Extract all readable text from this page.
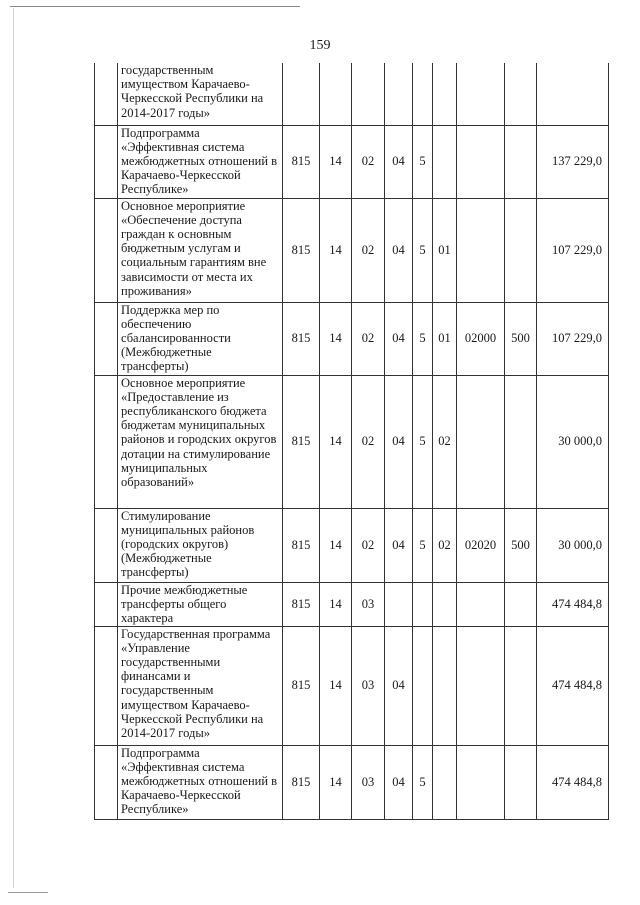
159
	государственным имуществом Карачаево-Черкесской Республики на 2014-2017 годы»									
	Подпрограмма «Эффективная система межбюджетных отношений в Карачаево-Черкесской Республике»	815	14	02	04	5				137 229,0
	Основное мероприятие «Обеспечение доступа граждан к основным бюджетным услугам и социальным гарантиям вне зависимости от места их проживания»	815	14	02	04	5	01			107 229,0
	Поддержка мер по обеспечению сбалансированности (Межбюджетные трансферты)	815	14	02	04	5	01	02000	500	107 229,0
	Основное мероприятие «Предоставление из республиканского бюджета бюджетам муниципальных районов и городских округов дотации на стимулирование муниципальных образований»	815	14	02	04	5	02			30 000,0
	Стимулирование муниципальных районов (городских округов) (Межбюджетные трансферты)	815	14	02	04	5	02	02020	500	30 000,0
	Прочие межбюджетные трансферты общего характера	815	14	03						474 484,8
	Государственная программа «Управление государственными финансами и государственным имуществом Карачаево-Черкесской Республики на 2014-2017 годы»	815	14	03	04					474 484,8
	Подпрограмма «Эффективная система межбюджетных отношений в Карачаево-Черкесской Республике»	815	14	03	04	5				474 484,8
